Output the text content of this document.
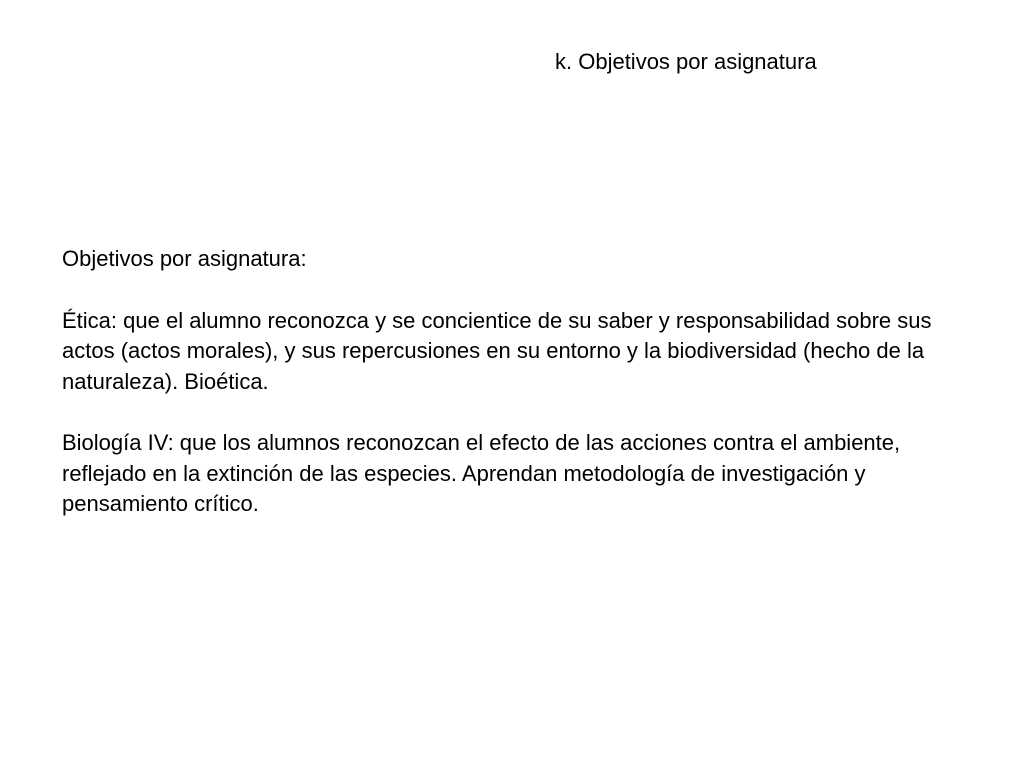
k. Objetivos por asignatura

Objetivos por asignatura:

Ética: que el alumno reconozca y se concientice de su saber y responsabilidad sobre sus actos (actos morales), y sus repercusiones en su entorno y la biodiversidad (hecho de la naturaleza). Bioética.

Biología IV: que los alumnos reconozcan el efecto de las acciones contra el ambiente, reflejado en la extinción de las especies. Aprendan metodología de investigación y pensamiento crítico.
